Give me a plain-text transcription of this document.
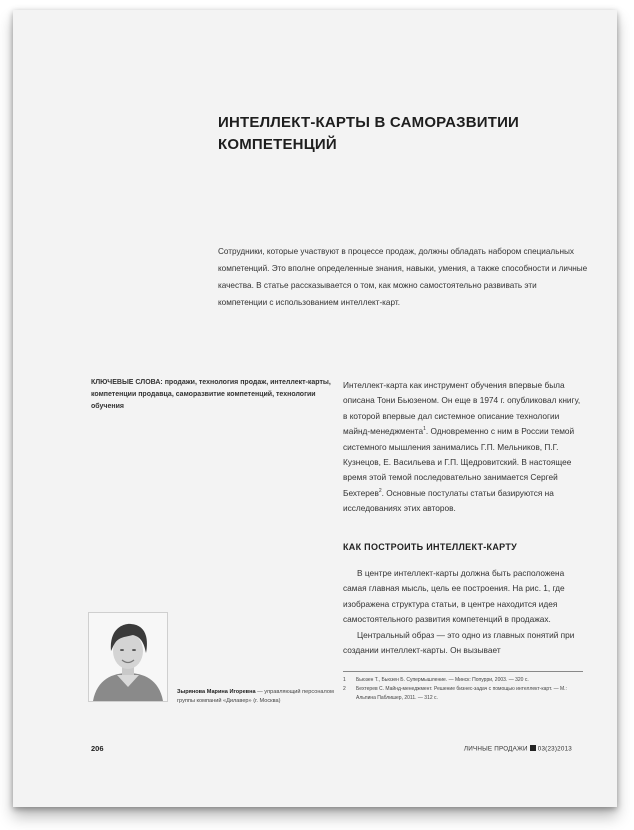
ИНТЕЛЛЕКТ-КАРТЫ В САМОРАЗВИТИИ КОМПЕТЕНЦИЙ
Сотрудники, которые участвуют в процессе продаж, должны обладать набором специальных компетенций. Это вполне определенные знания, навыки, умения, а также способности и личные качества. В статье рассказывается о том, как можно самостоятельно развивать эти компетенции с использованием интеллект-карт.
КЛЮЧЕВЫЕ СЛОВА: продажи, технология продаж, интеллект-карты, компетенции продавца, саморазвитие компетенций, технологии обучения

Интеллект-карта как инструмент обучения впервые была описана Тони Бьюзеном. Он еще в 1974 г. опубликовал книгу, в которой впервые дал системное описание технологии майнд-менеджмента$^1$. Одновременно с ним в России темой системного мышления занимались Г.П. Мельников, П.Г. Кузнецов, Е. Васильева и Г.П. Щедровитский. В настоящее время этой темой последовательно занимается Сергей Бехтерев$^2$. Основные постулаты статьи базируются на исследованиях этих авторов.

КАК ПОСТРОИТЬ ИНТЕЛЛЕКТ-КАРТУ

В центре интеллект-карты должна быть расположена самая главная мысль, цель ее построения. На рис. 1, где изображена структура статьи, в центре находится идея самостоятельного развития компетенций в продажах.

Центральный образ — это одно из главных понятий при создании интеллект-карты. Он вызывает

Зырянова Марина Игоревна — управляющий персоналом группы компаний «Дилавер» (г. Москва)
1 Бьюзен Т., Бьюзен Б. Супермышление. — Минск: Попурри, 2003. — 320 с.
2 Бехтерев С. Майнд-менеджмент. Решение бизнес-задач с помощью интеллект-карт. — М.: Альпина Паблишер, 2011. — 312 с.
206	ЛИЧНЫЕ ПРОДАЖИ 03(23)2013
